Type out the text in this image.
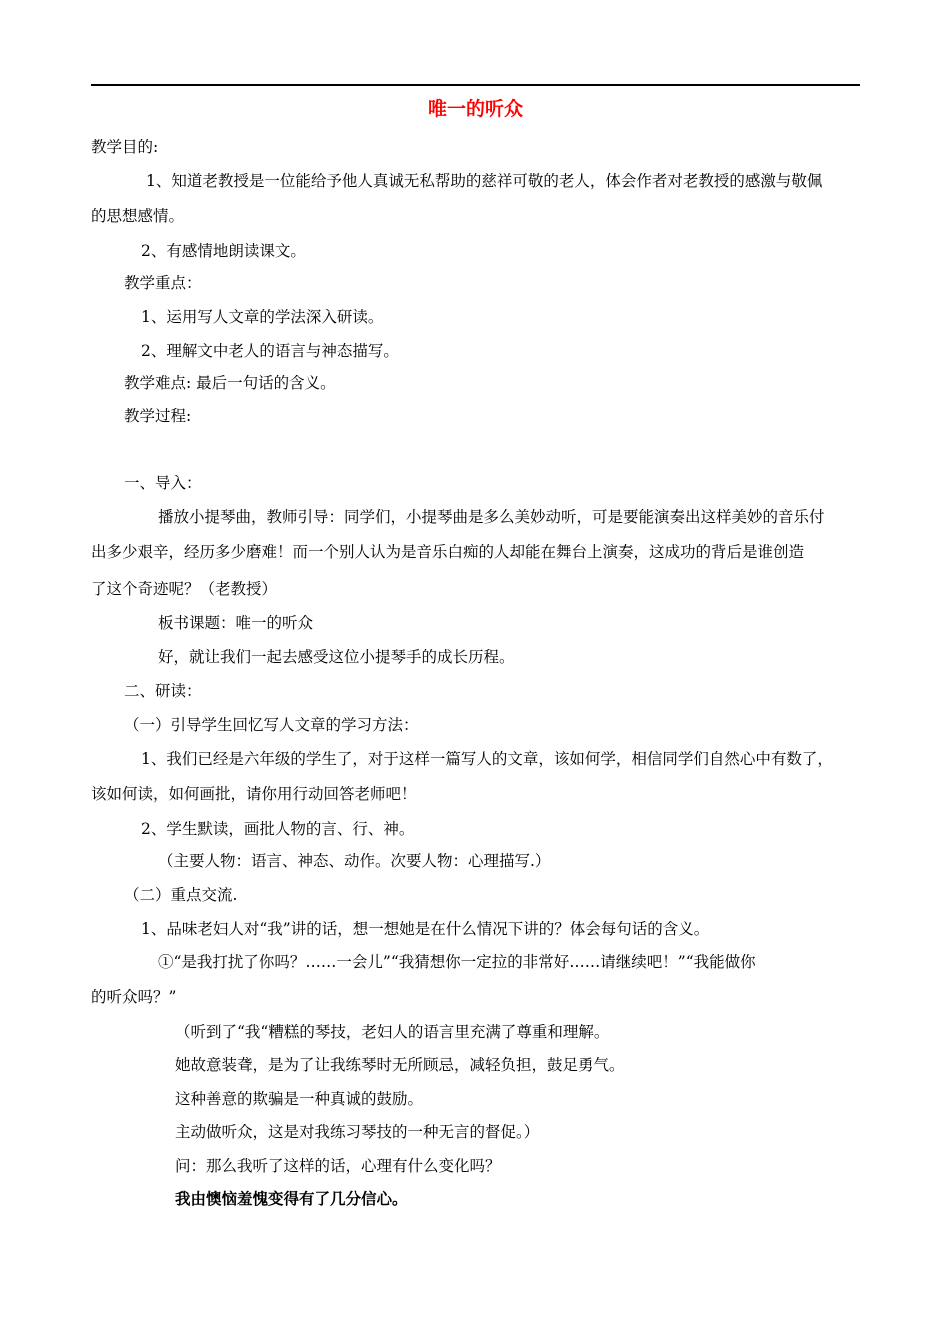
唯一的听众
教学目的:
1、知道老教授是一位能给予他人真诚无私帮助的慈祥可敬的老人，体会作者对老教授的感激与敬佩
的思想感情。
2、有感情地朗读课文。
教学重点：
1、运用写人文章的学法深入研读。
2、理解文中老人的语言与神态描写。
教学难点: 最后一句话的含义。
教学过程:
一、导入：
播放小提琴曲，教师引导：同学们，小提琴曲是多么美妙动听，可是要能演奏出这样美妙的音乐付
出多少艰辛，经历多少磨难！而一个别人认为是音乐白痴的人却能在舞台上演奏，这成功的背后是谁创造
了这个奇迹呢？（老教授）
板书课题：唯一的听众
好，就让我们一起去感受这位小提琴手的成长历程。
二、研读：
（一）引导学生回忆写人文章的学习方法：
1、我们已经是六年级的学生了，对于这样一篇写人的文章，该如何学，相信同学们自然心中有数了，
该如何读，如何画批，请你用行动回答老师吧！
2、学生默读，画批人物的言、行、神。
（主要人物：语言、神态、动作。次要人物：心理描写.）
（二）重点交流.
1、品味老妇人对“我”讲的话，想一想她是在什么情况下讲的？体会每句话的含义。
①“是我打扰了你吗？……一会儿”“我猜想你一定拉的非常好……请继续吧！”“我能做你
的听众吗？”
（听到了“我“糟糕的琴技，老妇人的语言里充满了尊重和理解。
她故意装聋，是为了让我练琴时无所顾忌，减轻负担，鼓足勇气。
这种善意的欺骗是一种真诚的鼓励。
主动做听众，这是对我练习琴技的一种无言的督促。）
问：那么我听了这样的话，心理有什么变化吗？
我由懊恼羞愧变得有了几分信心。
